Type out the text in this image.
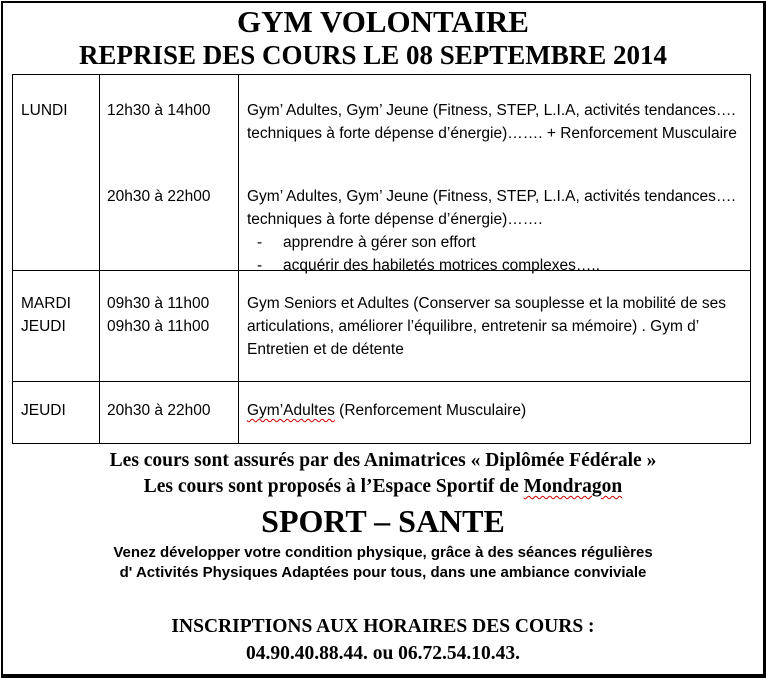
GYM VOLONTAIRE
REPRISE DES COURS LE 08 SEPTEMBRE 2014
LUNDI	12h30 à 14h00 Gym’ Adultes, Gym’ Jeune (Fitness, STEP, L.I.A, activités tendances…. techniques à forte dépense d’énergie)……. + Renforcement Musculaire
20h30 à 22h00 Gym’ Adultes, Gym’ Jeune (Fitness, STEP, L.I.A, activités tendances…. techniques à forte dépense d’énergie)…….
- apprendre à gérer son effort
- acquérir des habiletés motrices complexes…..
MARDI
JEUDI
09h30 à 11h00
09h30 à 11h00
Gym Seniors et Adultes (Conserver sa souplesse et la mobilité de ses articulations, améliorer l’équilibre, entretenir sa mémoire) . Gym d’ Entretien et de détente
JEUDI	20h30 à 22h00 Gym’Adultes (Renforcement Musculaire)
Les cours sont assurés par des Animatrices « Diplômée Fédérale »
Les cours sont proposés à l’Espace Sportif de Mondragon
SPORT – SANTE
Venez développer votre condition physique, grâce à des séances régulières
d' Activités Physiques Adaptées pour tous, dans une ambiance conviviale
INSCRIPTIONS AUX HORAIRES DES COURS :
04.90.40.88.44. ou 06.72.54.10.43.
